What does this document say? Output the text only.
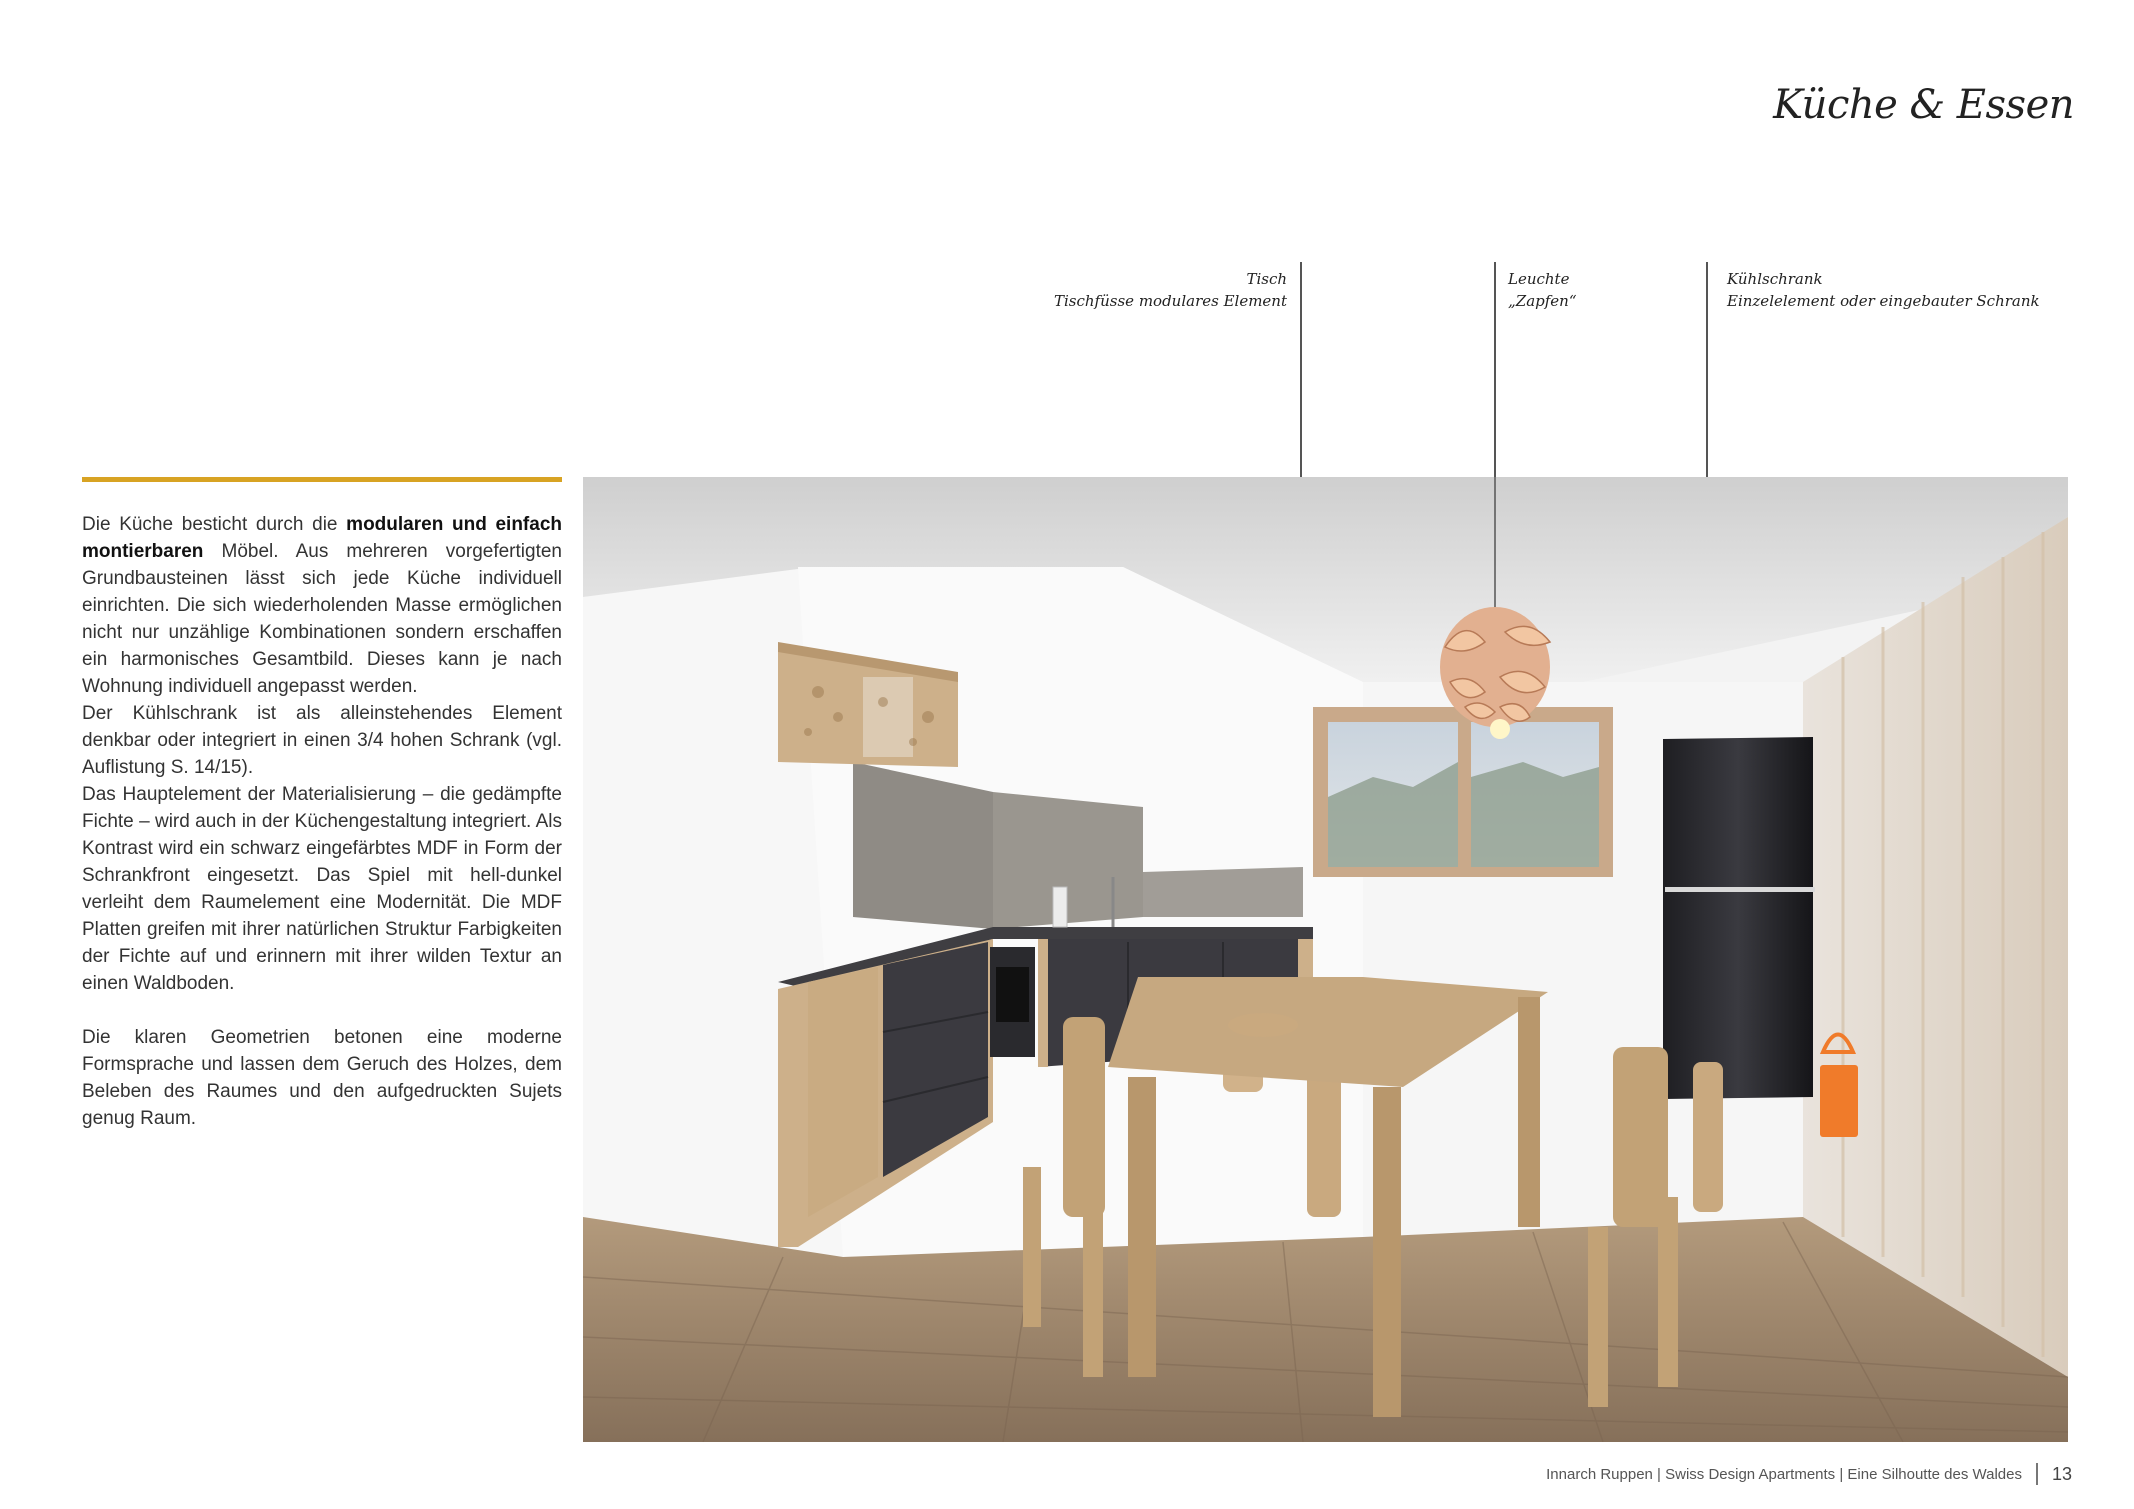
Küche & Essen
Tisch
Tischfüsse modulares Element
Leuchte
„Zapfen“
Kühlschrank
Einzelelement oder eingebauter Schrank

Die Küche besticht durch die modularen und einfach montierbaren Möbel. Aus mehreren vorgefertigten Grundbausteinen lässt sich jede Küche individuell einrichten. Die sich wiederholenden Masse ermöglichen nicht nur unzählige Kombinationen sondern erschaffen ein harmonisches Gesamtbild. Dieses kann je nach Wohnung individuell angepasst werden.

Der Kühlschrank ist als alleinstehendes Element denkbar oder integriert in einen 3/4 hohen Schrank (vgl. Auflistung S. 14/15).

Das Hauptelement der Materialisierung – die gedämpfte Fichte – wird auch in der Küchengestaltung integriert. Als Kontrast wird ein schwarz eingefärbtes MDF in Form der Schrankfront eingesetzt. Das Spiel mit hell-dunkel verleiht dem Raumelement eine Modernität. Die MDF Platten greifen mit ihrer natürlichen Struktur Farbigkeiten der Fichte auf und erinnern mit ihrer wilden Textur an einen Waldboden.

Die klaren Geometrien betonen eine moderne Formsprache und lassen dem Geruch des Holzes, dem Beleben des Raumes und den aufgedruckten Sujets genug Raum.

Innarch Ruppen | Swiss Design Apartments | Eine Silhoutte des Waldes 13
